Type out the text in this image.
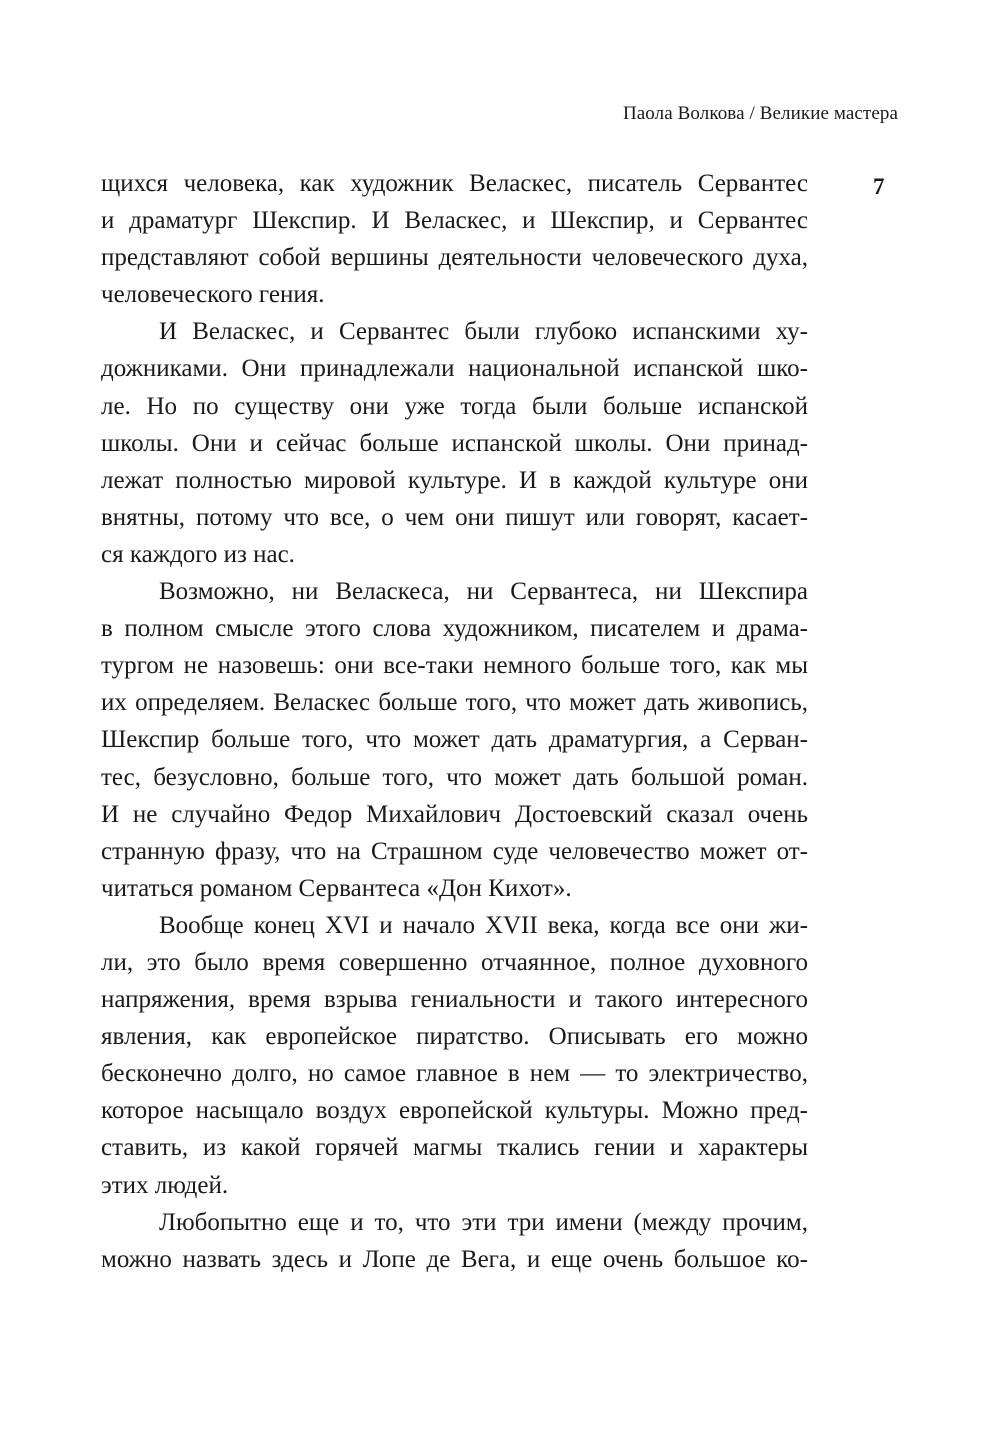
Паола Волкова / Великие мастера
7
щихся человека, как художник Веласкес, писатель Сервантес
и драматург Шекспир. И Веласкес, и Шекспир, и Сервантес
представляют собой вершины деятельности человеческого духа,
человеческого гения.
И Веласкес, и Сервантес были глубоко испанскими ху-
дожниками. Они принадлежали национальной испанской шко-
ле. Но по существу они уже тогда были больше испанской
школы. Они и сейчас больше испанской школы. Они принад-
лежат полностью мировой культуре. И в каждой культуре они
внятны, потому что все, о чем они пишут или говорят, касает-
ся каждого из нас.
Возможно, ни Веласкеса, ни Сервантеса, ни Шекспира
в полном смысле этого слова художником, писателем и драма-
тургом не назовешь: они все-таки немного больше того, как мы
их определяем. Веласкес больше того, что может дать живопись,
Шекспир больше того, что может дать драматургия, а Серван-
тес, безусловно, больше того, что может дать большой роман.
И не случайно Федор Михайлович Достоевский сказал очень
странную фразу, что на Страшном суде человечество может от-
читаться романом Сервантеса «Дон Кихот».
Вообще конец XVI и начало XVII века, когда все они жи-
ли, это было время совершенно отчаянное, полное духовного
напряжения, время взрыва гениальности и такого интересного
явления, как европейское пиратство. Описывать его можно
бесконечно долго, но самое главное в нем — то электричество,
которое насыщало воздух европейской культуры. Можно пред-
ставить, из какой горячей магмы ткались гении и характеры
этих людей.
Любопытно еще и то, что эти три имени (между прочим,
можно назвать здесь и Лопе де Вега, и еще очень большое ко-
